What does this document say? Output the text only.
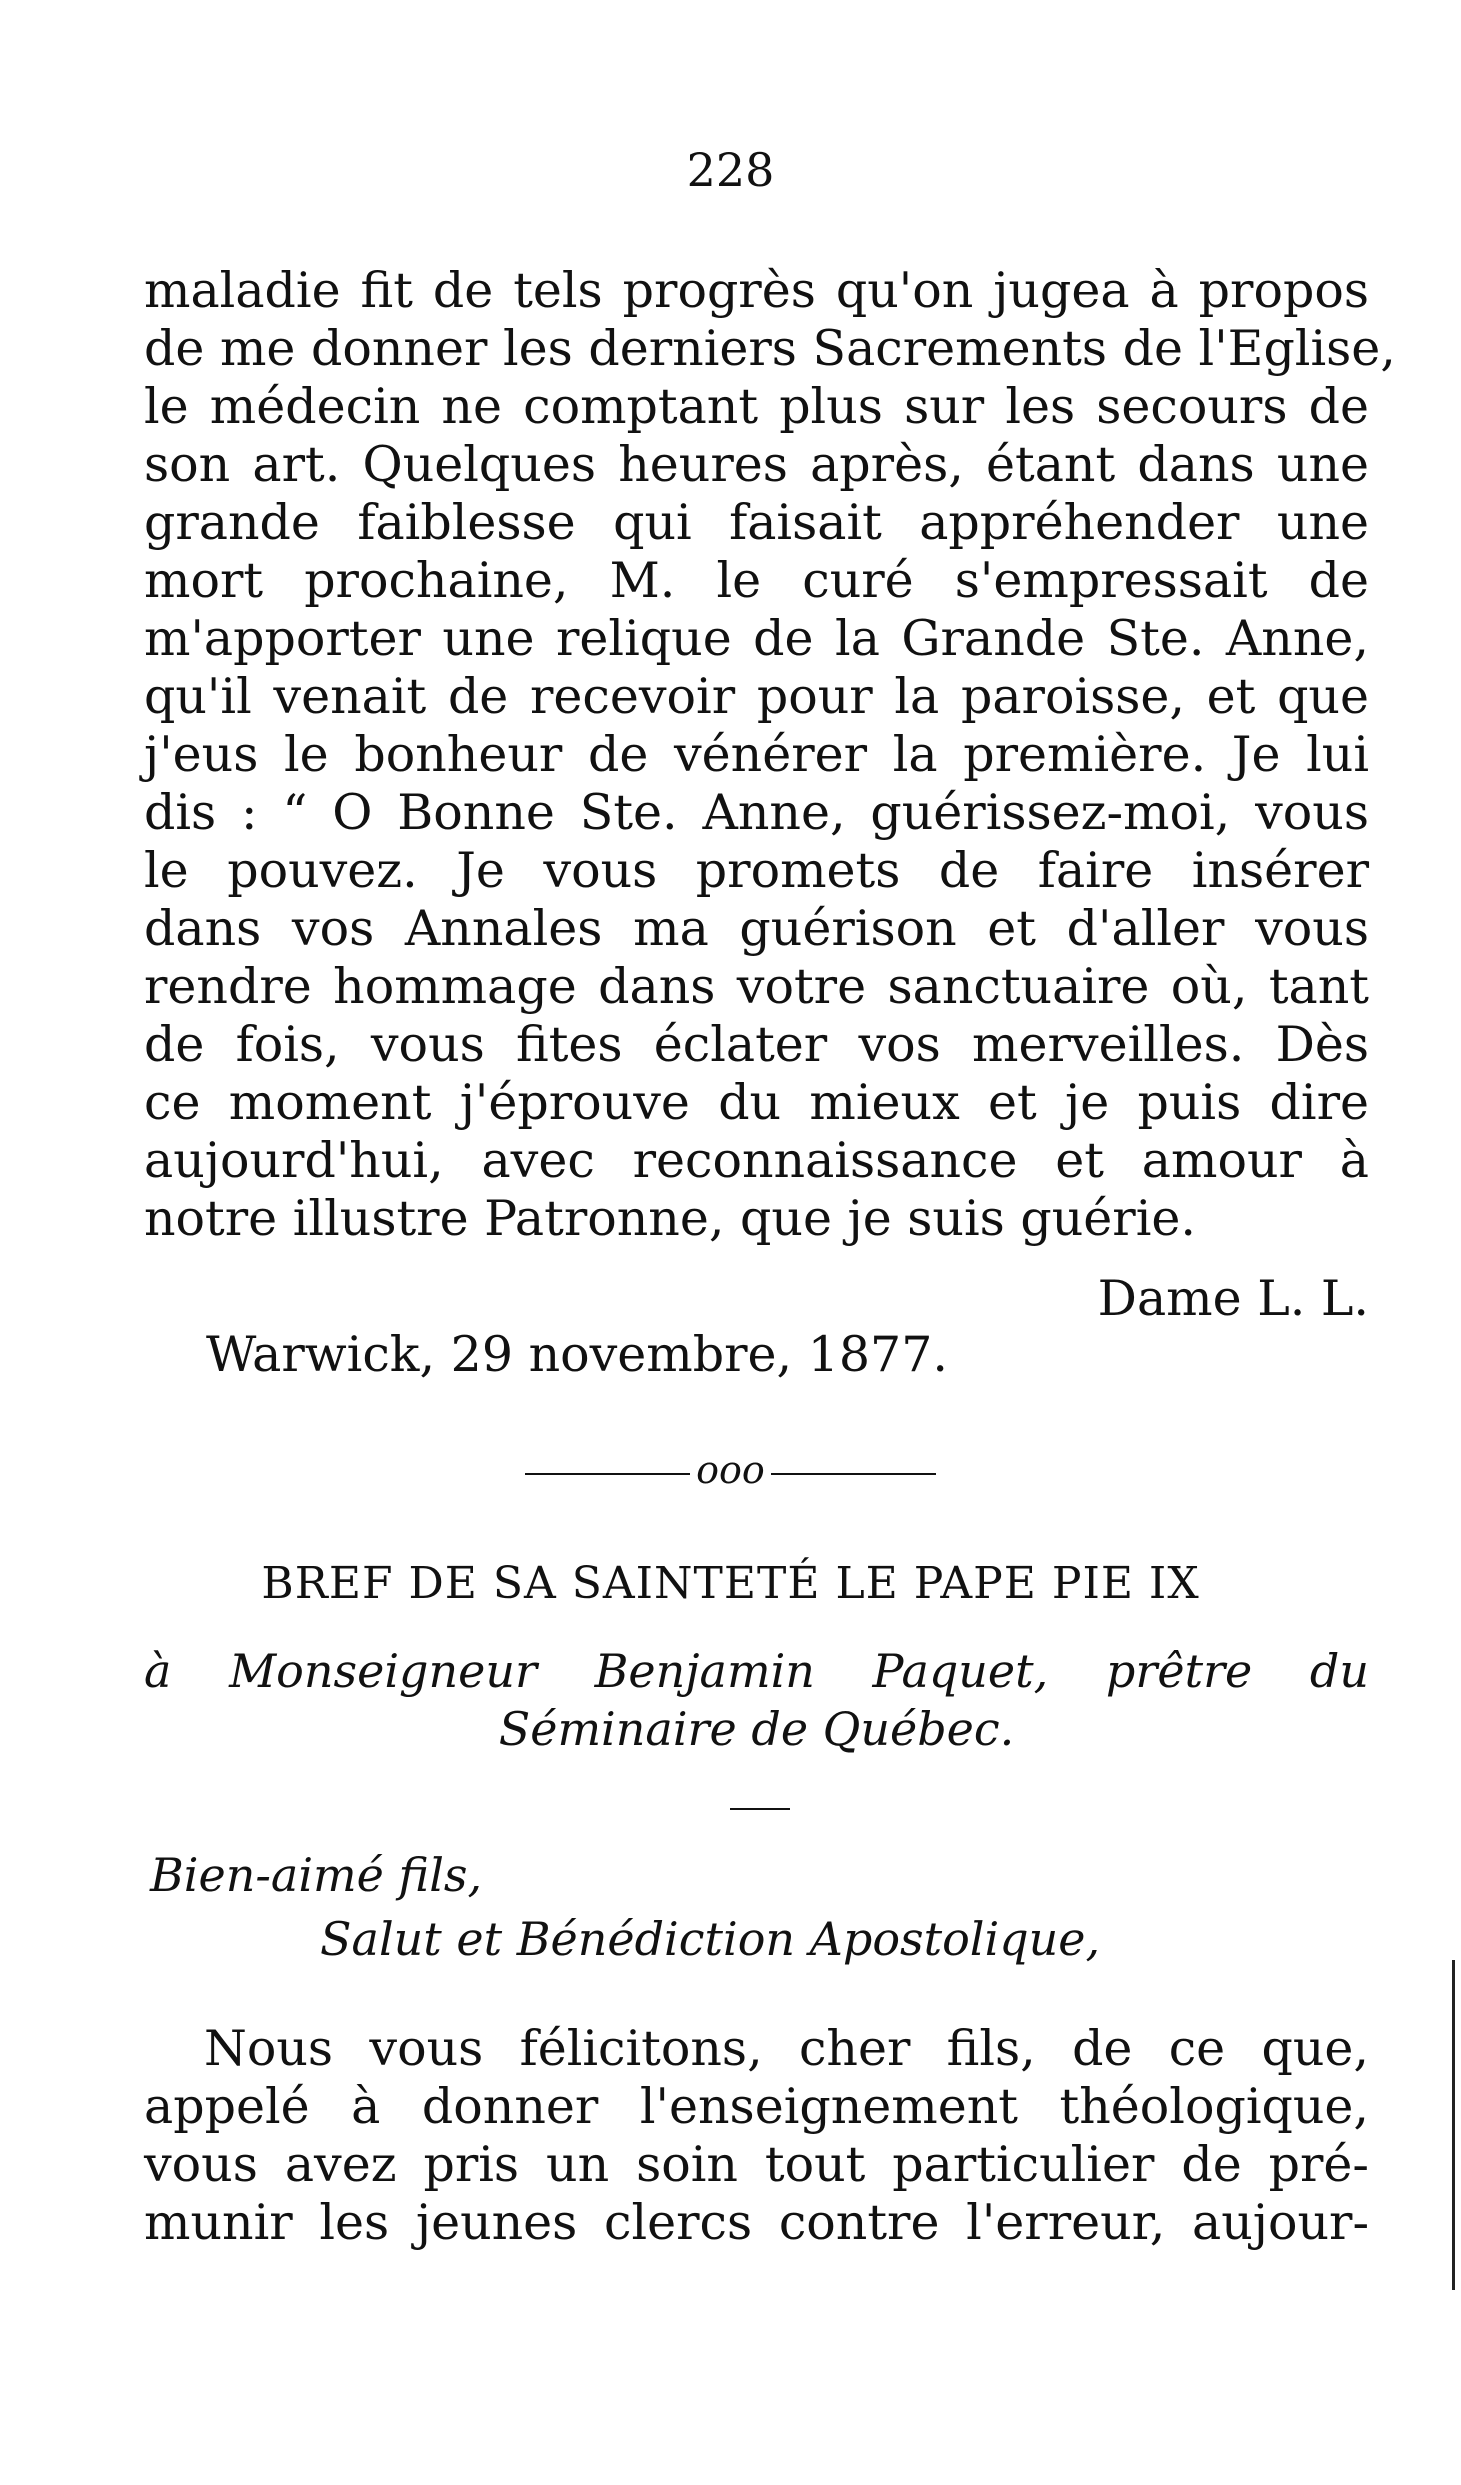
228
maladie fit de tels progrès qu'on jugea à propos
de me donner les derniers Sacrements de l'Eglise,
le médecin ne comptant plus sur les secours de
son art. Quelques heures après, étant dans une
grande faiblesse qui faisait appréhender une
mort prochaine, M. le curé s'empressait de
m'apporter une relique de la Grande Ste. Anne,
qu'il venait de recevoir pour la paroisse, et que
j'eus le bonheur de vénérer la première. Je lui
dis : “ O Bonne Ste. Anne, guérissez-moi, vous
le pouvez. Je vous promets de faire insérer
dans vos Annales ma guérison et d'aller vous
rendre hommage dans votre sanctuaire où, tant
de fois, vous fites éclater vos merveilles. Dès
ce moment j'éprouve du mieux et je puis dire
aujourd'hui, avec reconnaissance et amour à
notre illustre Patronne, que je suis guérie.
Dame L. L.
Warwick, 29 novembre, 1877.
ooo
BREF DE SA SAINTETÉ LE PAPE PIE IX
à Monseigneur Benjamin Paquet, prêtre du
Séminaire de Québec.
Bien-aimé fils,
Salut et Bénédiction Apostolique,
Nous vous félicitons, cher fils, de ce que,
appelé à donner l'enseignement théologique,
vous avez pris un soin tout particulier de pré-
munir les jeunes clercs contre l'erreur, aujour-
